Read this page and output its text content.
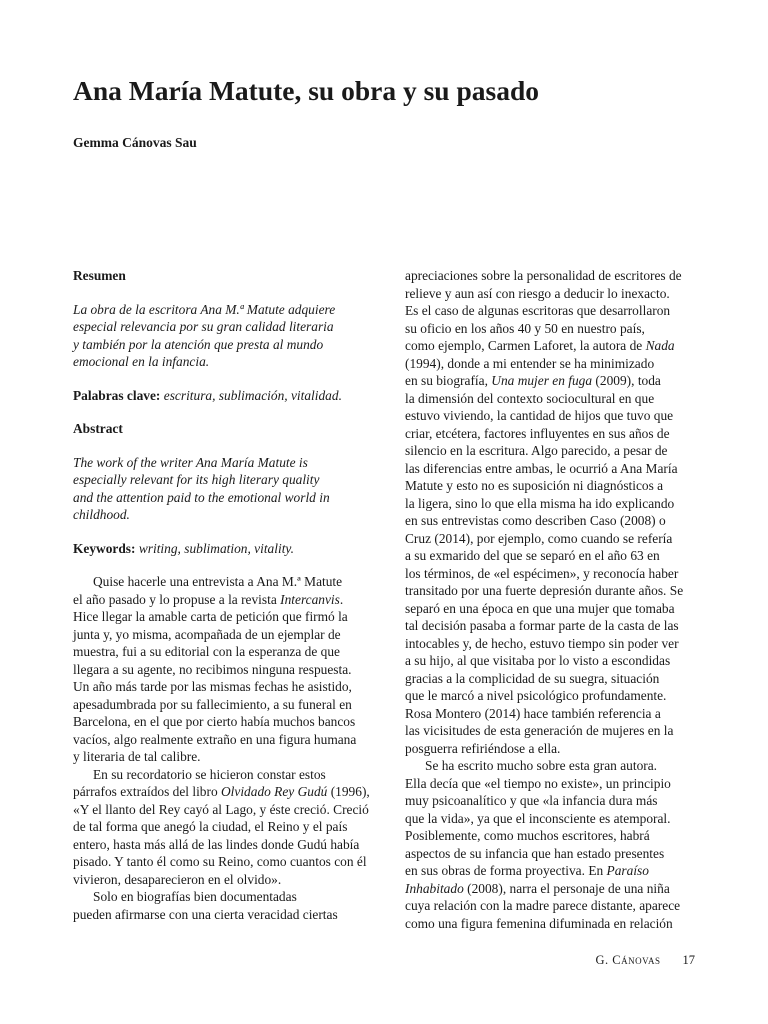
Ana María Matute, su obra y su pasado
Gemma Cánovas Sau
Resumen
La obra de la escritora Ana M.ª Matute adquiere
especial relevancia por su gran calidad literaria
y también por la atención que presta al mundo
emocional en la infancia.
Palabras clave: escritura, sublimación, vitalidad.
Abstract
The work of the writer Ana María Matute is
especially relevant for its high literary quality
and the attention paid to the emotional world in
childhood.
Keywords: writing, sublimation, vitality.
Quise hacerle una entrevista a Ana M.ª Matute
el año pasado y lo propuse a la revista Intercanvis.
Hice llegar la amable carta de petición que firmó la
junta y, yo misma, acompañada de un ejemplar de
muestra, fui a su editorial con la esperanza de que
llegara a su agente, no recibimos ninguna respuesta.
Un año más tarde por las mismas fechas he asistido,
apesadumbrada por su fallecimiento, a su funeral en
Barcelona, en el que por cierto había muchos bancos
vacíos, algo realmente extraño en una figura humana
y literaria de tal calibre.
En su recordatorio se hicieron constar estos
párrafos extraídos del libro Olvidado Rey Gudú (1996),
«Y el llanto del Rey cayó al Lago, y éste creció. Creció
de tal forma que anegó la ciudad, el Reino y el país
entero, hasta más allá de las lindes donde Gudú había
pisado. Y tanto él como su Reino, como cuantos con él
vivieron, desaparecieron en el olvido».
Solo en biografías bien documentadas
pueden afirmarse con una cierta veracidad ciertas
apreciaciones sobre la personalidad de escritores de
relieve y aun así con riesgo a deducir lo inexacto.
Es el caso de algunas escritoras que desarrollaron
su oficio en los años 40 y 50 en nuestro país,
como ejemplo, Carmen Laforet, la autora de Nada
(1994), donde a mi entender se ha minimizado
en su biografía, Una mujer en fuga (2009), toda
la dimensión del contexto sociocultural en que
estuvo viviendo, la cantidad de hijos que tuvo que
criar, etcétera, factores influyentes en sus años de
silencio en la escritura. Algo parecido, a pesar de
las diferencias entre ambas, le ocurrió a Ana María
Matute y esto no es suposición ni diagnósticos a
la ligera, sino lo que ella misma ha ido explicando
en sus entrevistas como describen Caso (2008) o
Cruz (2014), por ejemplo, como cuando se refería
a su exmarido del que se separó en el año 63 en
los términos, de «el espécimen», y reconocía haber
transitado por una fuerte depresión durante años. Se
separó en una época en que una mujer que tomaba
tal decisión pasaba a formar parte de la casta de las
intocables y, de hecho, estuvo tiempo sin poder ver
a su hijo, al que visitaba por lo visto a escondidas
gracias a la complicidad de su suegra, situación
que le marcó a nivel psicológico profundamente.
Rosa Montero (2014) hace también referencia a
las vicisitudes de esta generación de mujeres en la
posguerra refiriéndose a ella.
Se ha escrito mucho sobre esta gran autora.
Ella decía que «el tiempo no existe», un principio
muy psicoanalítico y que «la infancia dura más
que la vida», ya que el inconsciente es atemporal.
Posiblemente, como muchos escritores, habrá
aspectos de su infancia que han estado presentes
en sus obras de forma proyectiva. En Paraíso
Inhabitado (2008), narra el personaje de una niña
cuya relación con la madre parece distante, aparece
como una figura femenina difuminada en relación
G. Cánovas 17
